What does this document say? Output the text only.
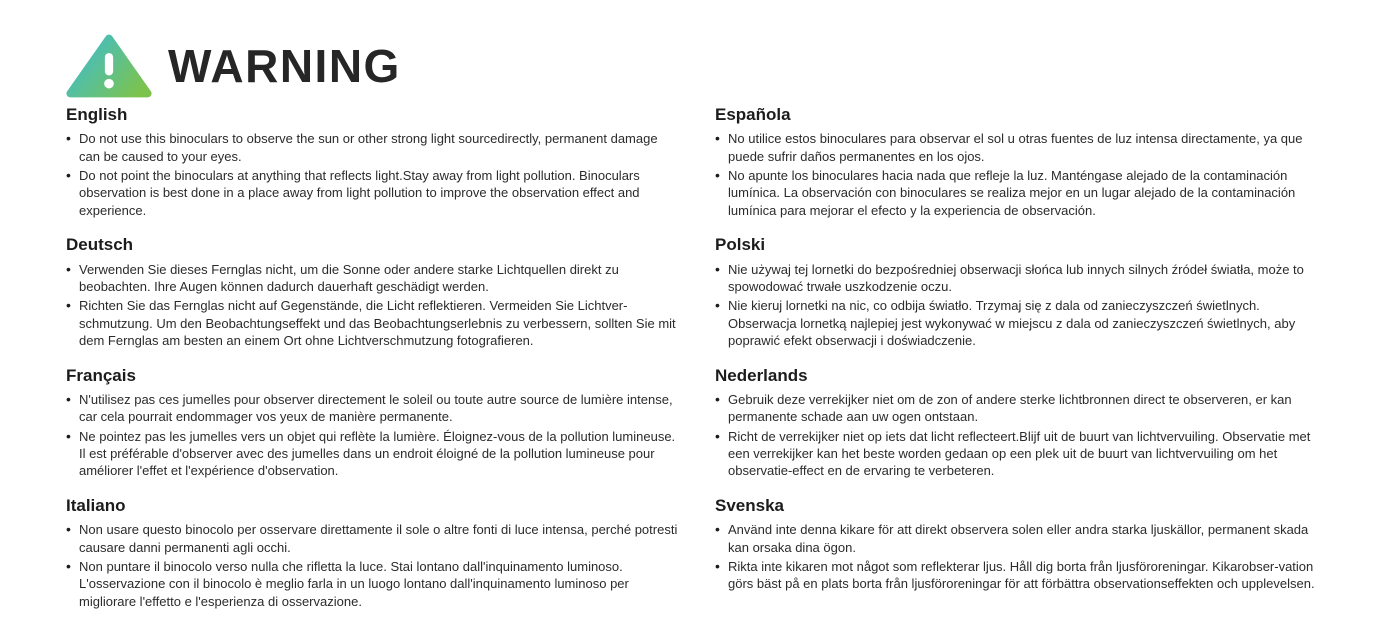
WARNING
English
• Do not use this binoculars to observe the sun or other strong light sourcedirectly, permanent damage can be caused to your eyes.
• Do not point the binoculars at anything that reflects light.Stay away from light pollution. Binoculars observation is best done in a place away from light pollution to improve the observation effect and experience.
Deutsch
• Verwenden Sie dieses Fernglas nicht, um die Sonne oder andere starke Lichtquellen direkt zu beobachten. Ihre Augen können dadurch dauerhaft geschädigt werden.
• Richten Sie das Fernglas nicht auf Gegenstände, die Licht reflektieren. Vermeiden Sie Lichtver-schmutzung. Um den Beobachtungseffekt und das Beobachtungserlebnis zu verbessern, sollten Sie mit dem Fernglas am besten an einem Ort ohne Lichtverschmutzung fotografieren.
Français
• N'utilisez pas ces jumelles pour observer directement le soleil ou toute autre source de lumière intense, car cela pourrait endommager vos yeux de manière permanente.
• Ne pointez pas les jumelles vers un objet qui reflète la lumière. Éloignez-vous de la pollution lumineuse. Il est préférable d'observer avec des jumelles dans un endroit éloigné de la pollution lumineuse pour améliorer l'effet et l'expérience d'observation.
Italiano
• Non usare questo binocolo per osservare direttamente il sole o altre fonti di luce intensa, perché potresti causare danni permanenti agli occhi.
• Non puntare il binocolo verso nulla che rifletta la luce. Stai lontano dall'inquinamento luminoso. L'osservazione con il binocolo è meglio farla in un luogo lontano dall'inquinamento luminoso per migliorare l'effetto e l'esperienza di osservazione.
Española
• No utilice estos binoculares para observar el sol u otras fuentes de luz intensa directamente, ya que puede sufrir daños permanentes en los ojos.
• No apunte los binoculares hacia nada que refleje la luz. Manténgase alejado de la contaminación lumínica. La observación con binoculares se realiza mejor en un lugar alejado de la contaminación lumínica para mejorar el efecto y la experiencia de observación.
Polski
• Nie używaj tej lornetki do bezpośredniej obserwacji słońca lub innych silnych źródeł światła, może to spowodować trwałe uszkodzenie oczu.
• Nie kieruj lornetki na nic, co odbija światło. Trzymaj się z dala od zanieczyszczeń świetlnych. Obserwacja lornetką najlepiej jest wykonywać w miejscu z dala od zanieczyszczeń świetlnych, aby poprawić efekt obserwacji i doświadczenie.
Nederlands
• Gebruik deze verrekijker niet om de zon of andere sterke lichtbronnen direct te observeren, er kan permanente schade aan uw ogen ontstaan.
• Richt de verrekijker niet op iets dat licht reflecteert.Blijf uit de buurt van lichtvervuiling. Observatie met een verrekijker kan het beste worden gedaan op een plek uit de buurt van lichtvervuiling om het observatie-effect en de ervaring te verbeteren.
Svenska
• Använd inte denna kikare för att direkt observera solen eller andra starka ljuskällor, permanent skada kan orsaka dina ögon.
• Rikta inte kikaren mot något som reflekterar ljus. Håll dig borta från ljusföroreningar. Kikarobser-vation görs bäst på en plats borta från ljusföroreningar för att förbättra observationseffekten och upplevelsen.
